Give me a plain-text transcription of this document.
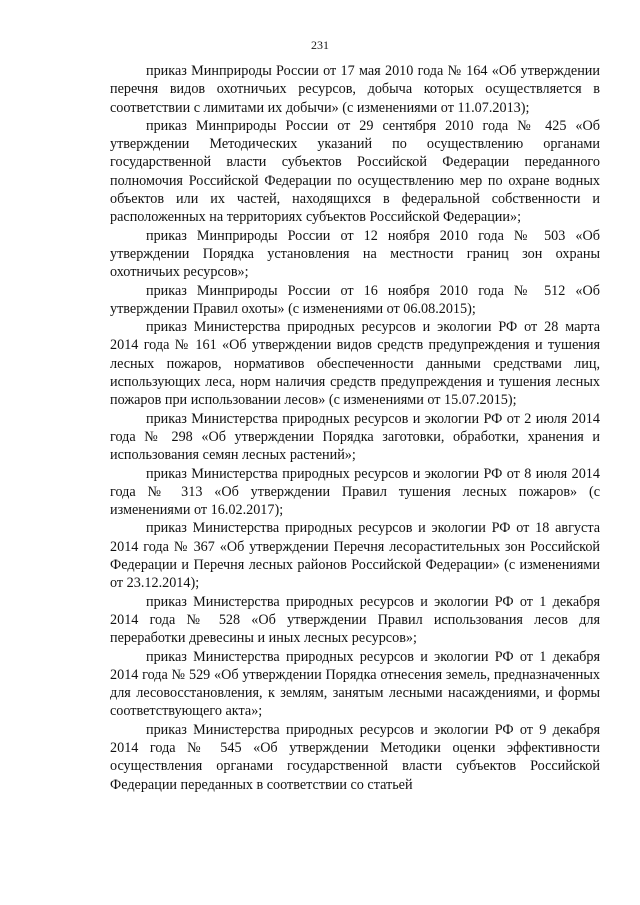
231

приказ Минприроды России от 17 мая 2010 года № 164 «Об утверждении перечня видов охотничьих ресурсов, добыча которых осуществляется в соответствии с лимитами их добычи» (с изменениями от 11.07.2013);

приказ Минприроды России от 29 сентября 2010 года № 425 «Об утверждении Методических указаний по осуществлению органами государственной власти субъектов Российской Федерации переданного полномочия Российской Федерации по осуществлению мер по охране водных объектов или их частей, находящихся в федеральной собственности и расположенных на территориях субъектов Российской Федерации»;

приказ Минприроды России от 12 ноября 2010 года № 503 «Об утверждении Порядка установления на местности границ зон охраны охотничьих ресурсов»;

приказ Минприроды России от 16 ноября 2010 года № 512 «Об утверждении Правил охоты» (с изменениями от 06.08.2015);

приказ Министерства природных ресурсов и экологии РФ от 28 марта 2014 года № 161 «Об утверждении видов средств предупреждения и тушения лесных пожаров, нормативов обеспеченности данными средствами лиц, использующих леса, норм наличия средств предупреждения и тушения лесных пожаров при использовании лесов» (с изменениями от 15.07.2015);

приказ Министерства природных ресурсов и экологии РФ от 2 июля 2014 года № 298 «Об утверждении Порядка заготовки, обработки, хранения и использования семян лесных растений»;

приказ Министерства природных ресурсов и экологии РФ от 8 июля 2014 года № 313 «Об утверждении Правил тушения лесных пожаров» (с изменениями от 16.02.2017);

приказ Министерства природных ресурсов и экологии РФ от 18 августа 2014 года № 367 «Об утверждении Перечня лесорастительных зон Российской Федерации и Перечня лесных районов Российской Федерации» (с изменениями от 23.12.2014);

приказ Министерства природных ресурсов и экологии РФ от 1 декабря 2014 года № 528 «Об утверждении Правил использования лесов для переработки древесины и иных лесных ресурсов»;

приказ Министерства природных ресурсов и экологии РФ от 1 декабря 2014 года № 529 «Об утверждении Порядка отнесения земель, предназначенных для лесовосстановления, к землям, занятым лесными насаждениями, и формы соответствующего акта»;

приказ Министерства природных ресурсов и экологии РФ от 9 декабря 2014 года № 545 «Об утверждении Методики оценки эффективности осуществления органами государственной власти субъектов Российской Федерации переданных в соответствии со статьей
